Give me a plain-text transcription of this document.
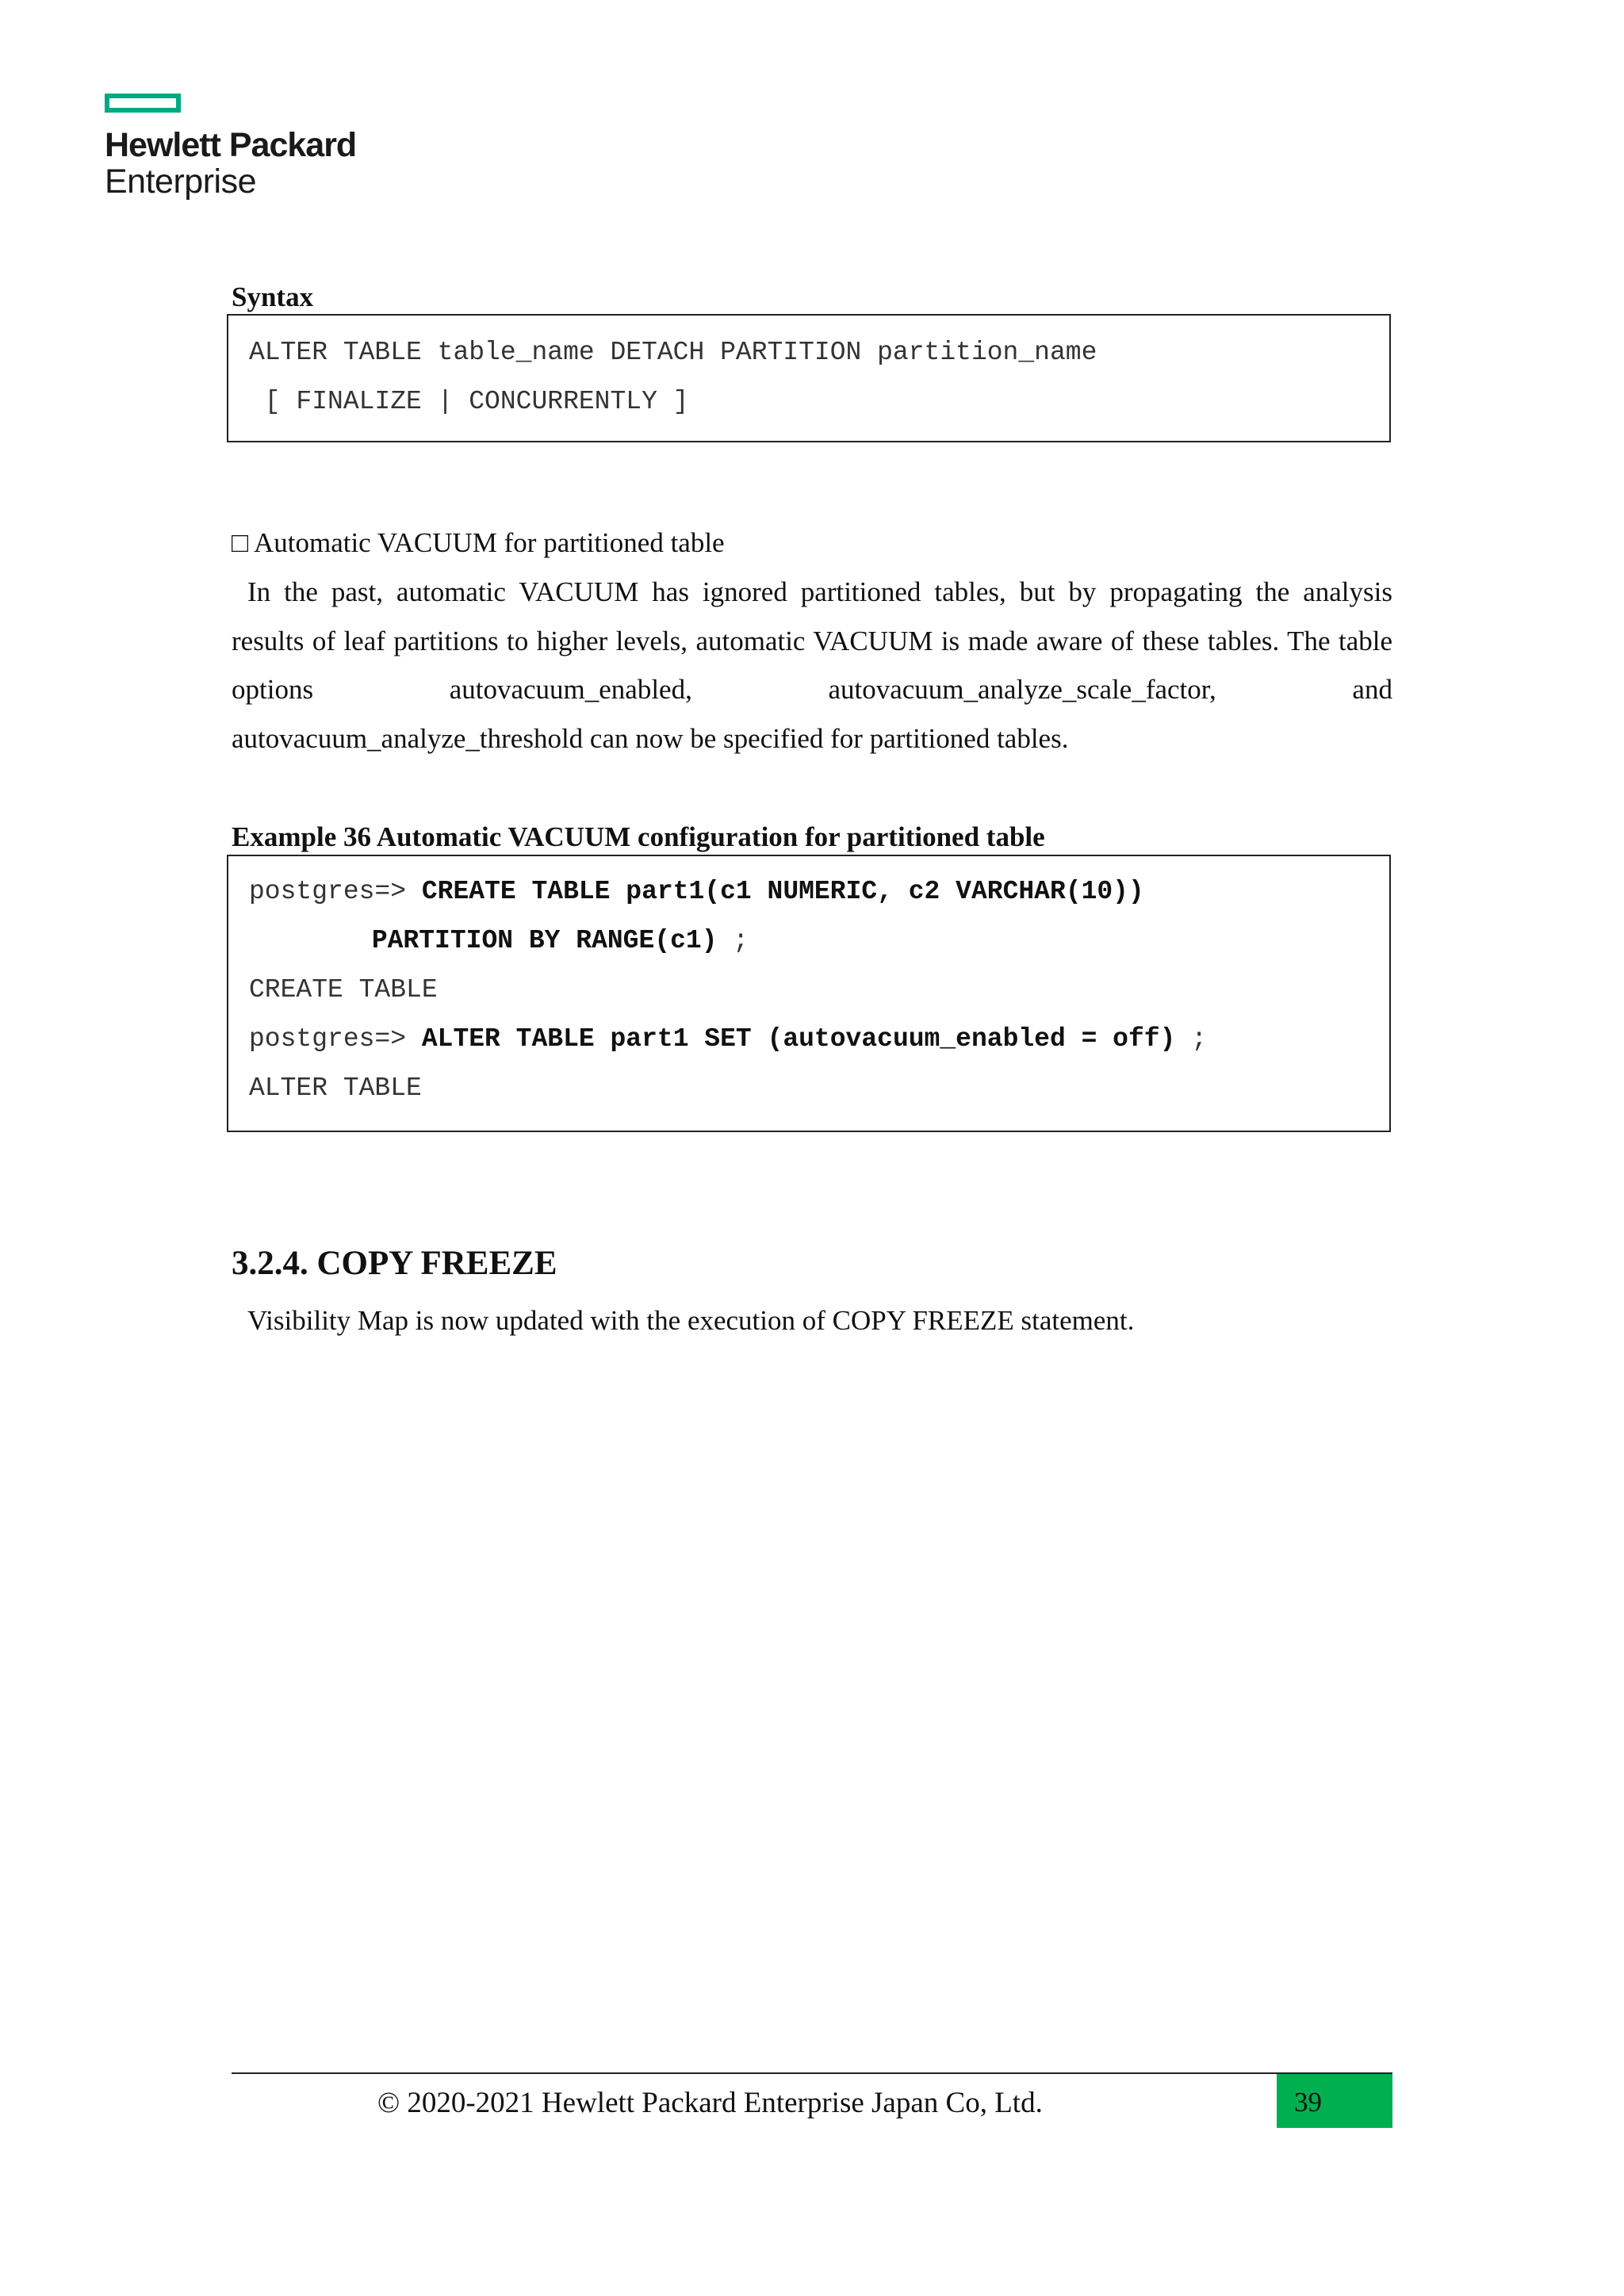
Hewlett Packard
Enterprise
Syntax
ALTER TABLE table_name DETACH PARTITION partition_name
[ FINALIZE | CONCURRENTLY ]
□ Automatic VACUUM for partitioned table
In the past, automatic VACUUM has ignored partitioned tables, but by propagating the analysis
results of leaf partitions to higher levels, automatic VACUUM is made aware of these tables. The table
options	autovacuum_enabled,	autovacuum_analyze_scale_factor,	and
autovacuum_analyze_threshold can now be specified for partitioned tables.
Example 36 Automatic VACUUM configuration for partitioned table
postgres=> CREATE TABLE part1(c1 NUMERIC, c2 VARCHAR(10))
PARTITION BY RANGE(c1) ;
CREATE TABLE
postgres=> ALTER TABLE part1 SET (autovacuum_enabled = off) ;
ALTER TABLE
3.2.4. COPY FREEZE
Visibility Map is now updated with the execution of COPY FREEZE statement.
© 2020-2021 Hewlett Packard Enterprise Japan Co, Ltd.	39
